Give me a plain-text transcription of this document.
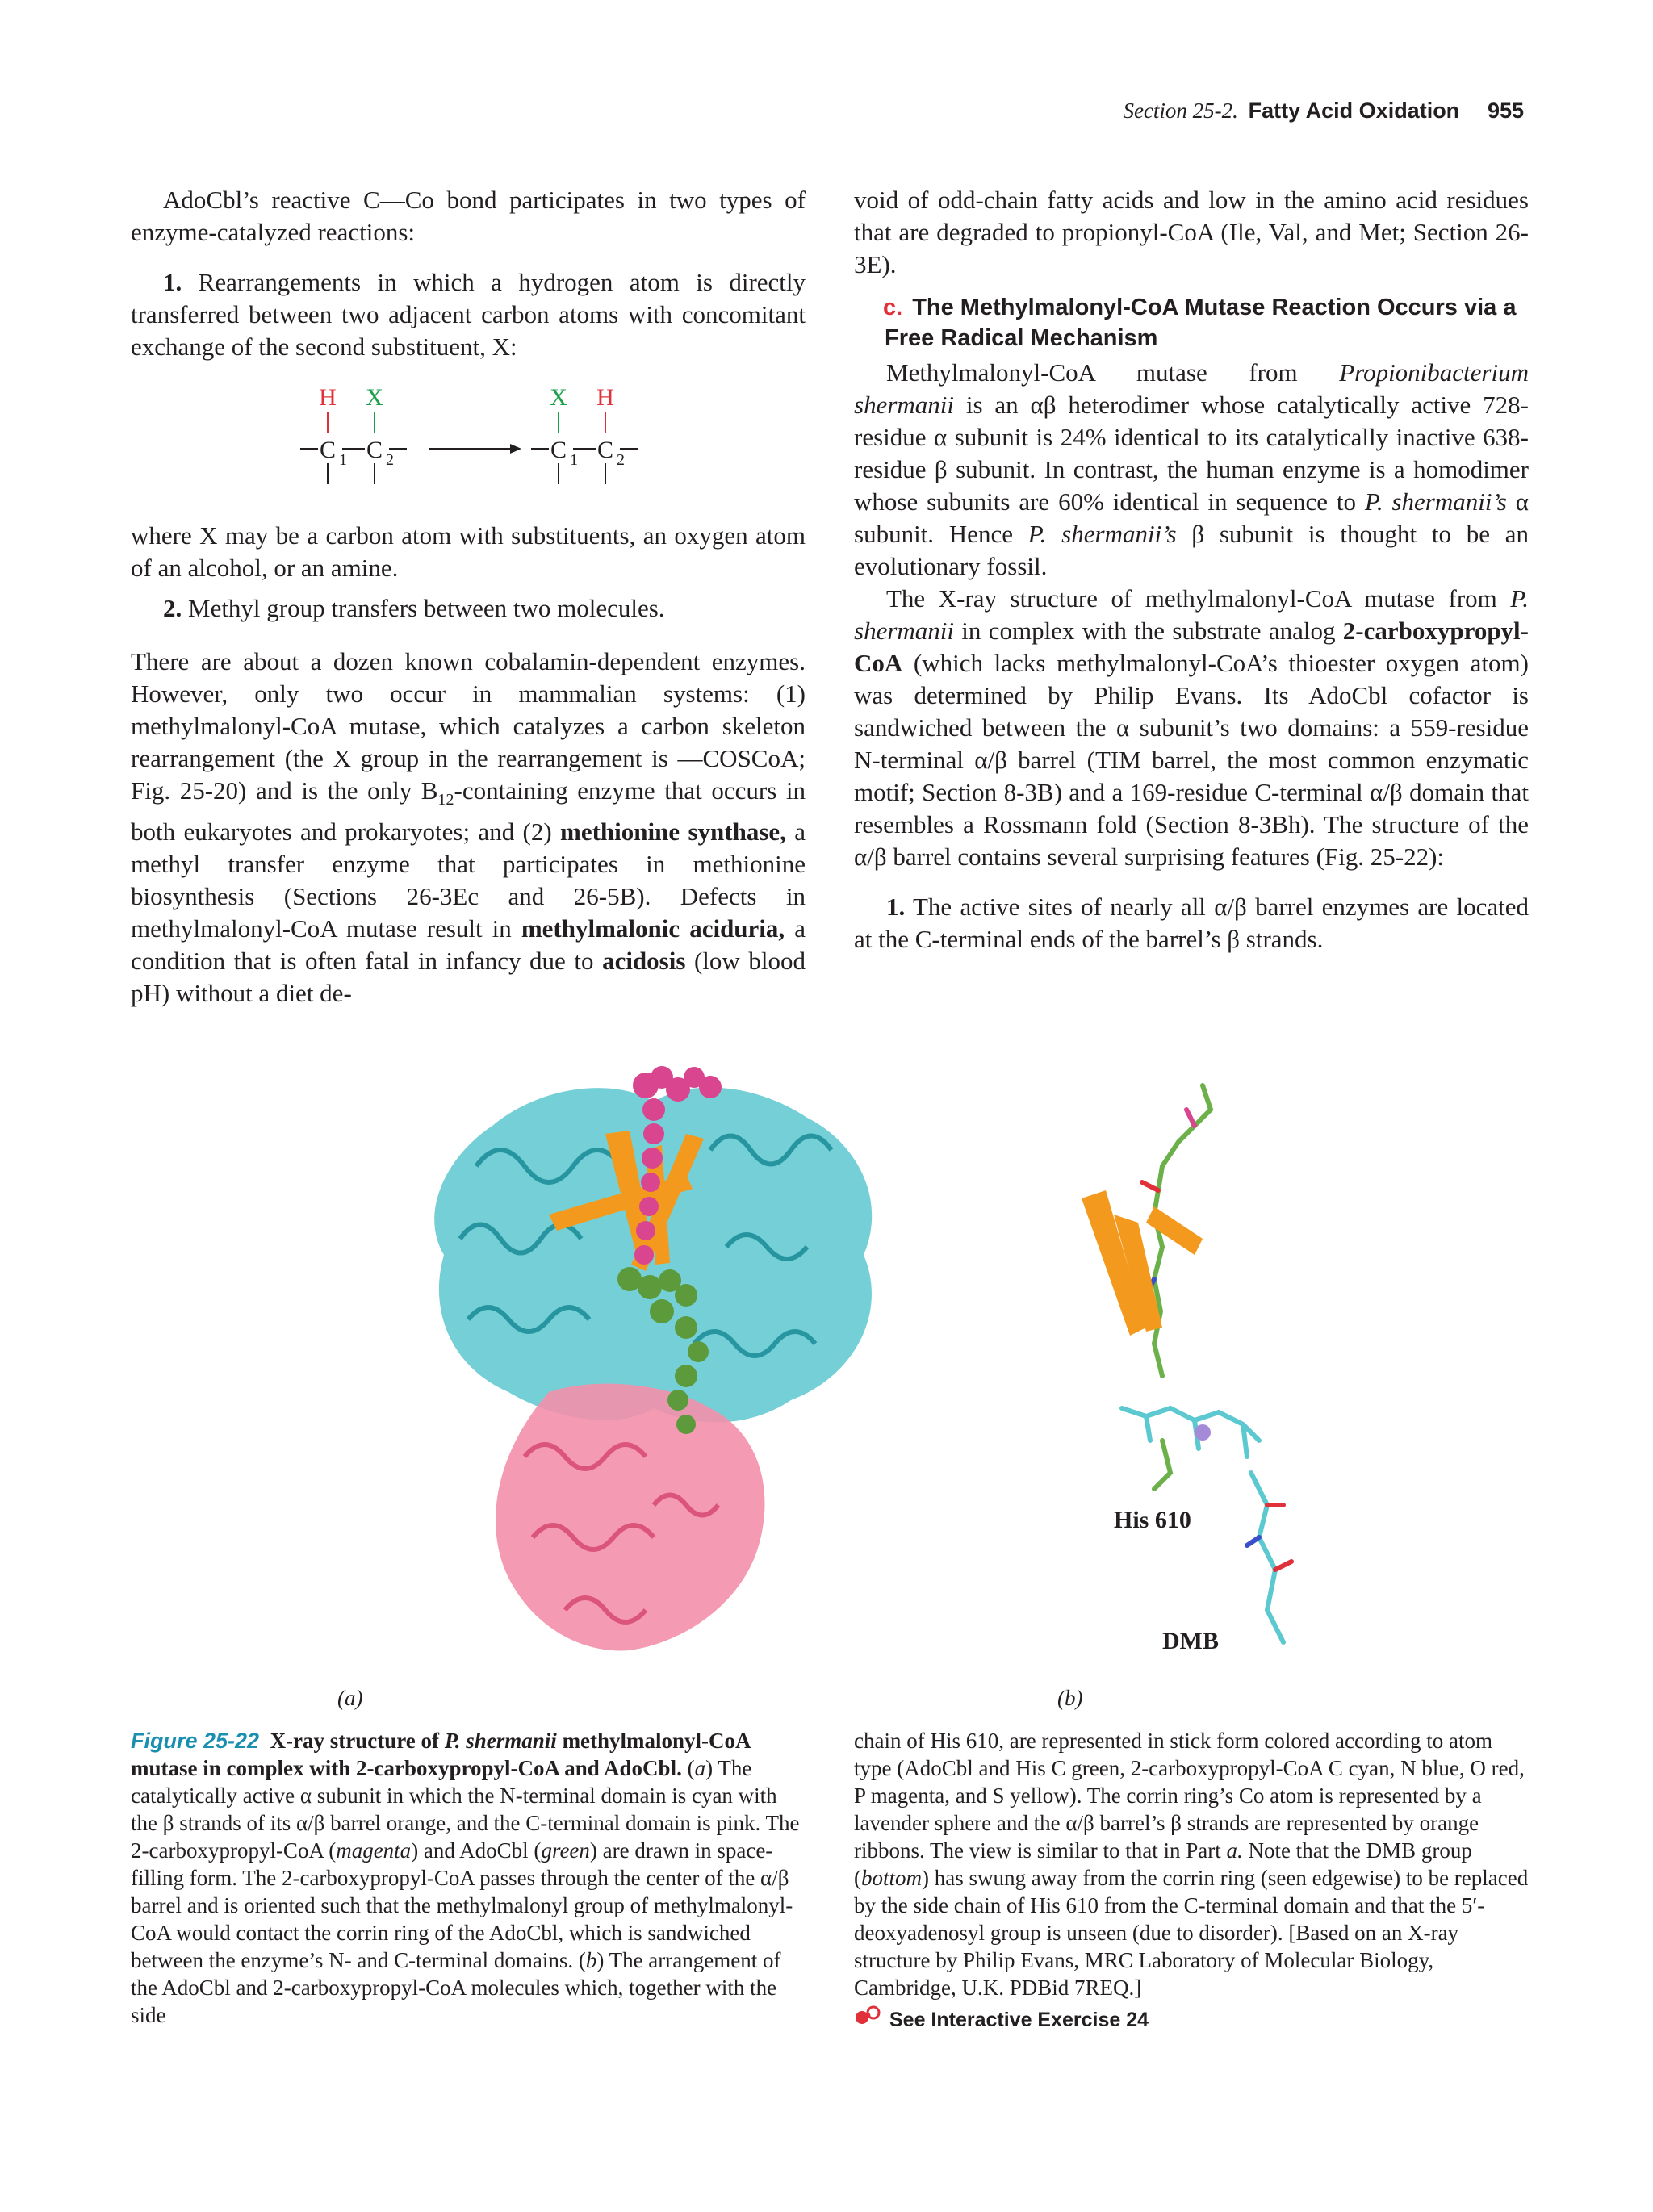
Section 25-2. Fatty Acid Oxidation 955

AdoCbl’s reactive C—Co bond participates in two types of enzyme-catalyzed reactions:

1. Rearrangements in which a hydrogen atom is directly transferred between two adjacent carbon atoms with concomitant exchange of the second substituent, X:

H X
C 1 C 2
X H
C 1 C 2

where X may be a carbon atom with substituents, an oxygen atom of an alcohol, or an amine.

2. Methyl group transfers between two molecules.

There are about a dozen known cobalamin-dependent enzymes. However, only two occur in mammalian systems: (1) methylmalonyl-CoA mutase, which catalyzes a carbon skeleton rearrangement (the X group in the rearrangement is —COSCoA; Fig. 25-20) and is the only $B_{12}$-containing enzyme that occurs in both eukaryotes and prokaryotes; and (2) methionine synthase, a methyl transfer enzyme that participates in methionine biosynthesis (Sections 26-3Ec and 26-5B). Defects in methylmalonyl-CoA mutase result in methylmalonic aciduria, a condition that is often fatal in infancy due to acidosis (low blood pH) without a diet de-

void of odd-chain fatty acids and low in the amino acid residues that are degraded to propionyl-CoA (Ile, Val, and Met; Section 26-3E).

c. The Methylmalonyl-CoA Mutase Reaction Occurs via a Free Radical Mechanism

Methylmalonyl-CoA mutase from Propionibacterium shermanii is an αβ heterodimer whose catalytically active 728-residue α subunit is 24% identical to its catalytically inactive 638-residue β subunit. In contrast, the human enzyme is a homodimer whose subunits are 60% identical in sequence to P. shermanii’s α subunit. Hence P. shermanii’s β subunit is thought to be an evolutionary fossil.

The X-ray structure of methylmalonyl-CoA mutase from P. shermanii in complex with the substrate analog 2-carboxypropyl-CoA (which lacks methylmalonyl-CoA’s thioester oxygen atom) was determined by Philip Evans. Its AdoCbl cofactor is sandwiched between the α subunit’s two domains: a 559-residue N-terminal α/β barrel (TIM barrel, the most common enzymatic motif; Section 8-3B) and a 169-residue C-terminal α/β domain that resembles a Rossmann fold (Section 8-3Bh). The structure of the α/β barrel contains several surprising features (Fig. 25-22):

1. The active sites of nearly all α/β barrel enzymes are located at the C-terminal ends of the barrel’s β strands.

(a)
His 610
DMB
(b)

Figure 25-22 X-ray structure of P. shermanii methylmalonyl-CoA mutase in complex with 2-carboxypropyl-CoA and AdoCbl. (a) The catalytically active α subunit in which the N-terminal domain is cyan with the β strands of its α/β barrel orange, and the C-terminal domain is pink. The 2-carboxypropyl-CoA (magenta) and AdoCbl (green) are drawn in space-filling form. The 2-carboxypropyl-CoA passes through the center of the α/β barrel and is oriented such that the methylmalonyl group of methylmalonyl-CoA would contact the corrin ring of the AdoCbl, which is sandwiched between the enzyme’s N- and C-terminal domains. (b) The arrangement of the AdoCbl and 2-carboxypropyl-CoA molecules which, together with the side

chain of His 610, are represented in stick form colored according to atom type (AdoCbl and His C green, 2-carboxypropyl-CoA C cyan, N blue, O red, P magenta, and S yellow). The corrin ring’s Co atom is represented by a lavender sphere and the α/β barrel’s β strands are represented by orange ribbons. The view is similar to that in Part a. Note that the DMB group (bottom) has swung away from the corrin ring (seen edgewise) to be replaced by the side chain of His 610 from the C-terminal domain and that the 5′-deoxyadenosyl group is unseen (due to disorder). [Based on an X-ray structure by Philip Evans, MRC Laboratory of Molecular Biology, Cambridge, U.K. PDBid 7REQ.]

See Interactive Exercise 24
